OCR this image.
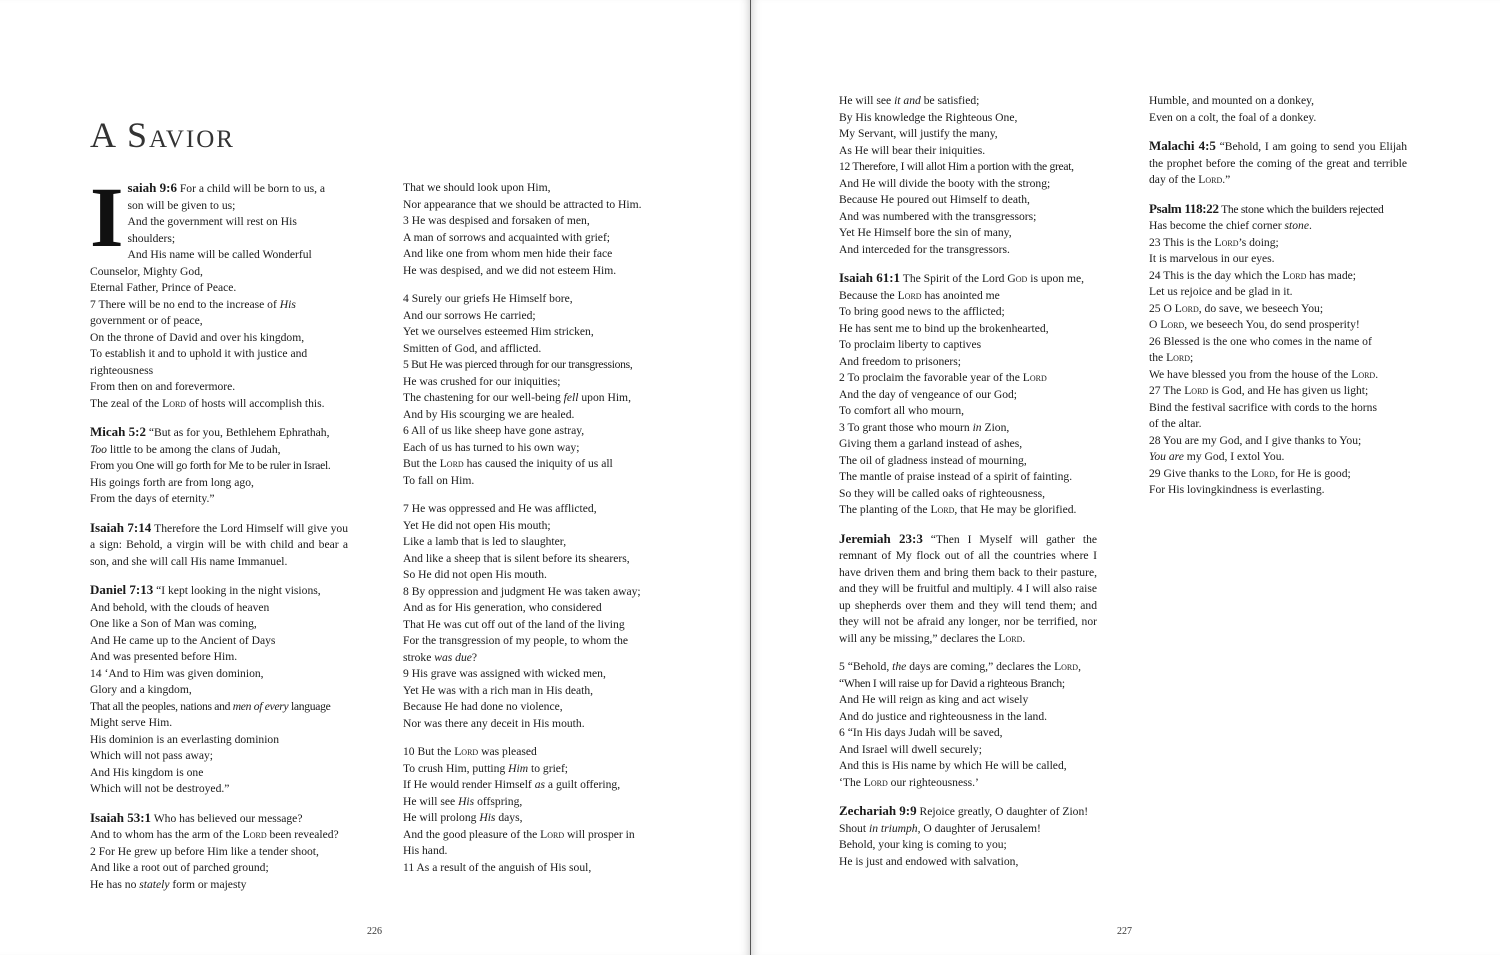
A Savior
I saiah 9:6 For a child will be born to us, a
son will be given to us;
And the government will rest on His
shoulders;
And His name will be called Wonderful
Counselor, Mighty God,
Eternal Father, Prince of Peace.
7 There will be no end to the increase of His
government or of peace,
On the throne of David and over his kingdom,
To establish it and to uphold it with justice and
righteousness
From then on and forevermore.
The zeal of the Lord of hosts will accomplish this.
Micah 5:2 “But as for you, Bethlehem Ephrathah,
Too little to be among the clans of Judah,
From you One will go forth for Me to be ruler in Israel.
His goings forth are from long ago,
From the days of eternity.”
Isaiah 7:14 Therefore the Lord Himself will give you a sign: Behold, a virgin will be with child and bear a son, and she will call His name Immanuel.
Daniel 7:13 “I kept looking in the night visions,
And behold, with the clouds of heaven
One like a Son of Man was coming,
And He came up to the Ancient of Days
And was presented before Him.
14 ‘And to Him was given dominion,
Glory and a kingdom,
That all the peoples, nations and men of every language
Might serve Him.
His dominion is an everlasting dominion
Which will not pass away;
And His kingdom is one
Which will not be destroyed.”
Isaiah 53:1 Who has believed our message?
And to whom has the arm of the Lord been revealed?
2 For He grew up before Him like a tender shoot,
And like a root out of parched ground;
He has no stately form or majesty
That we should look upon Him,
Nor appearance that we should be attracted to Him.
3 He was despised and forsaken of men,
A man of sorrows and acquainted with grief;
And like one from whom men hide their face
He was despised, and we did not esteem Him.
4 Surely our griefs He Himself bore,
And our sorrows He carried;
Yet we ourselves esteemed Him stricken,
Smitten of God, and afflicted.
5 But He was pierced through for our transgressions,
He was crushed for our iniquities;
The chastening for our well-being fell upon Him,
And by His scourging we are healed.
6 All of us like sheep have gone astray,
Each of us has turned to his own way;
But the Lord has caused the iniquity of us all
To fall on Him.
7 He was oppressed and He was afflicted,
Yet He did not open His mouth;
Like a lamb that is led to slaughter,
And like a sheep that is silent before its shearers,
So He did not open His mouth.
8 By oppression and judgment He was taken away;
And as for His generation, who considered
That He was cut off out of the land of the living
For the transgression of my people, to whom the
stroke was due?
9 His grave was assigned with wicked men,
Yet He was with a rich man in His death,
Because He had done no violence,
Nor was there any deceit in His mouth.
10 But the Lord was pleased
To crush Him, putting Him to grief;
If He would render Himself as a guilt offering,
He will see His offspring,
He will prolong His days,
And the good pleasure of the Lord will prosper in
His hand.
11 As a result of the anguish of His soul,
226
He will see it and be satisfied;
By His knowledge the Righteous One,
My Servant, will justify the many,
As He will bear their iniquities.
12 Therefore, I will allot Him a portion with the great,
And He will divide the booty with the strong;
Because He poured out Himself to death,
And was numbered with the transgressors;
Yet He Himself bore the sin of many,
And interceded for the transgressors.
Isaiah 61:1 The Spirit of the Lord God is upon me,
Because the Lord has anointed me
To bring good news to the afflicted;
He has sent me to bind up the brokenhearted,
To proclaim liberty to captives
And freedom to prisoners;
2 To proclaim the favorable year of the Lord
And the day of vengeance of our God;
To comfort all who mourn,
3 To grant those who mourn in Zion,
Giving them a garland instead of ashes,
The oil of gladness instead of mourning,
The mantle of praise instead of a spirit of fainting.
So they will be called oaks of righteousness,
The planting of the Lord, that He may be glorified.
Jeremiah 23:3 “Then I Myself will gather the remnant of My flock out of all the countries where I have driven them and bring them back to their pasture, and they will be fruitful and multiply. 4 I will also raise up shepherds over them and they will tend them; and they will not be afraid any longer, nor be terrified, nor will any be missing,” declares the Lord.
5 “Behold, the days are coming,” declares the Lord,
“When I will raise up for David a righteous Branch;
And He will reign as king and act wisely
And do justice and righteousness in the land.
6 “In His days Judah will be saved,
And Israel will dwell securely;
And this is His name by which He will be called,
‘The Lord our righteousness.’
Zechariah 9:9 Rejoice greatly, O daughter of Zion!
Shout in triumph, O daughter of Jerusalem!
Behold, your king is coming to you;
He is just and endowed with salvation,
Humble, and mounted on a donkey,
Even on a colt, the foal of a donkey.
Malachi 4:5 “Behold, I am going to send you Elijah the prophet before the coming of the great and terrible day of the Lord.”
Psalm 118:22 The stone which the builders rejected
Has become the chief corner stone.
23 This is the Lord’s doing;
It is marvelous in our eyes.
24 This is the day which the Lord has made;
Let us rejoice and be glad in it.
25 O Lord, do save, we beseech You;
O Lord, we beseech You, do send prosperity!
26 Blessed is the one who comes in the name of
the Lord;
We have blessed you from the house of the Lord.
27 The Lord is God, and He has given us light;
Bind the festival sacrifice with cords to the horns
of the altar.
28 You are my God, and I give thanks to You;
You are my God, I extol You.
29 Give thanks to the Lord, for He is good;
For His lovingkindness is everlasting.
227
